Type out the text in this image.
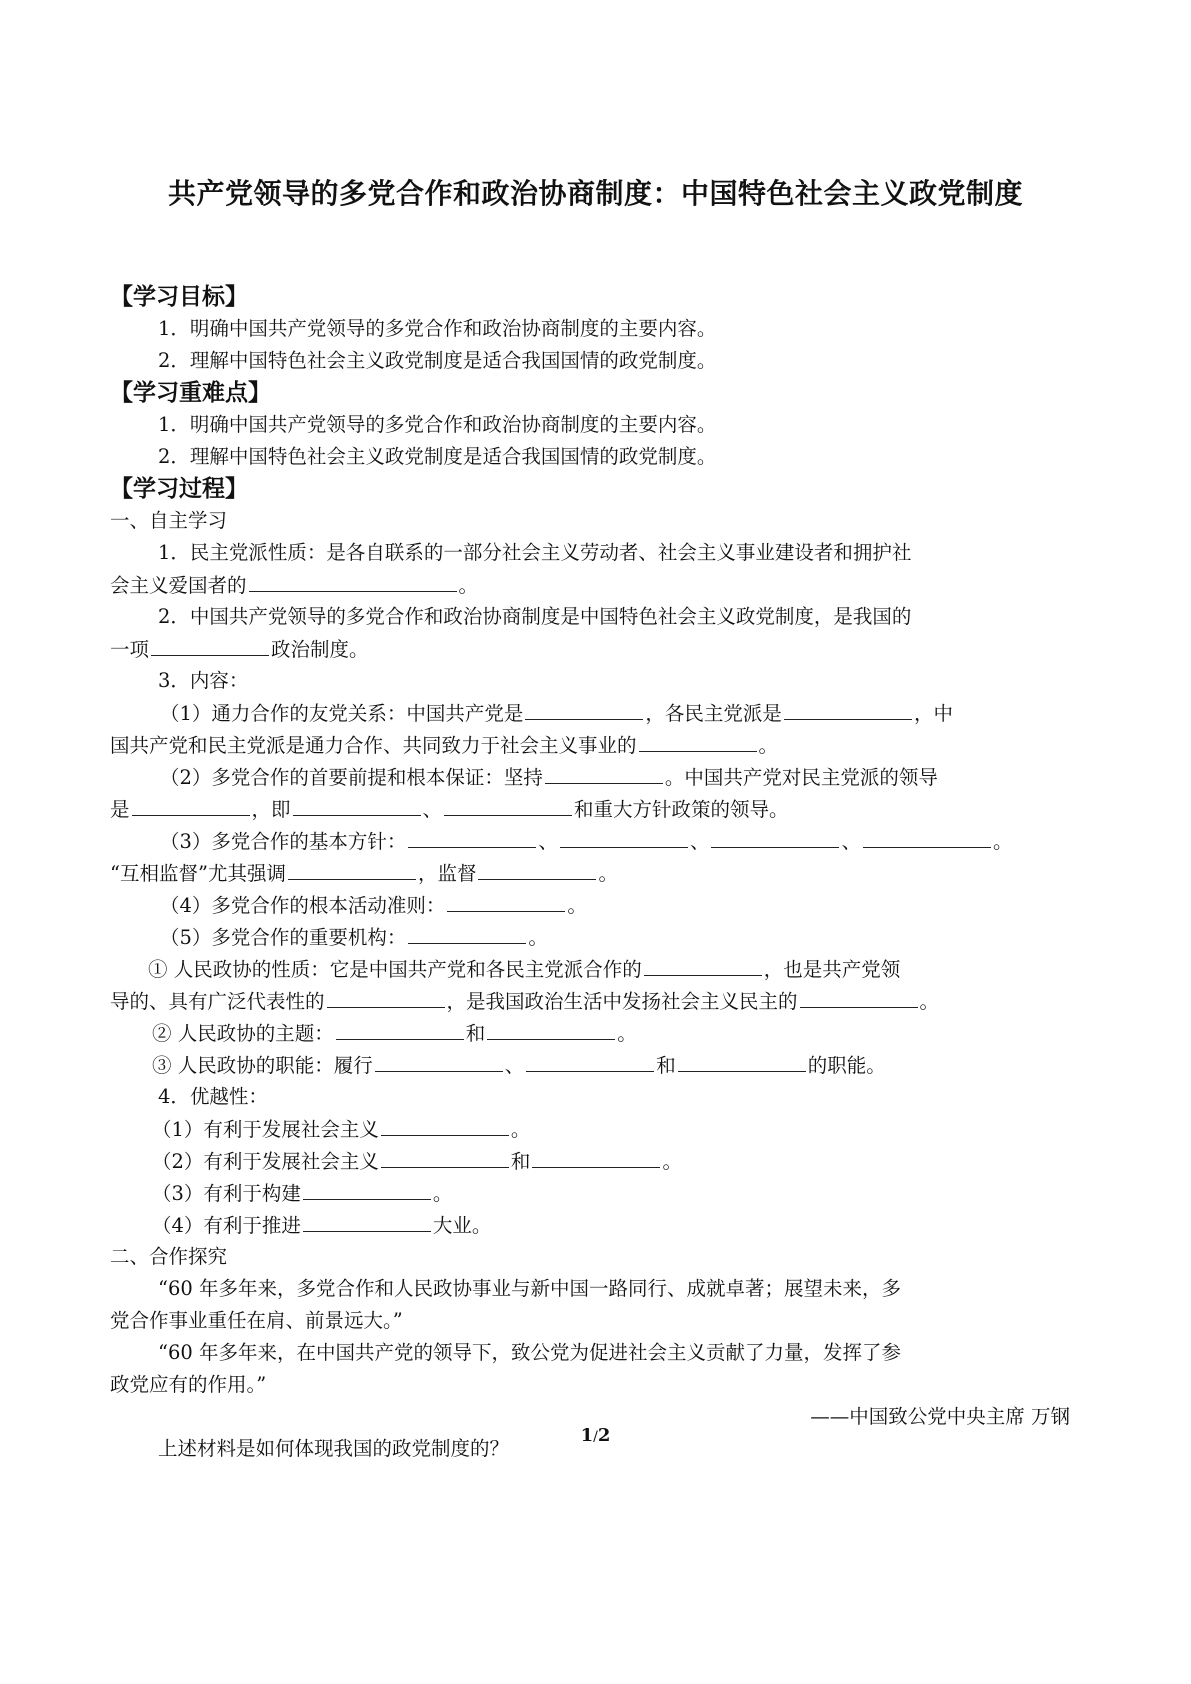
共产党领导的多党合作和政治协商制度：中国特色社会主义政党制度
【学习目标】
1．明确中国共产党领导的多党合作和政治协商制度的主要内容。
2．理解中国特色社会主义政党制度是适合我国国情的政党制度。
【学习重难点】
1．明确中国共产党领导的多党合作和政治协商制度的主要内容。
2．理解中国特色社会主义政党制度是适合我国国情的政党制度。
【学习过程】
一、自主学习
1．民主党派性质：是各自联系的一部分社会主义劳动者、社会主义事业建设者和拥护社
会主义爱国者的	。
2．中国共产党领导的多党合作和政治协商制度是中国特色社会主义政党制度，是我国的
一项	政治制度。
3．内容：
（1）通力合作的友党关系：中国共产党是	，各民主党派是	，中
国共产党和民主党派是通力合作、共同致力于社会主义事业的	。
（2）多党合作的首要前提和根本保证：坚持	。中国共产党对民主党派的领导
是	，即	、	和重大方针政策的领导。
（3）多党合作的基本方针：	、	、	、	。
“互相监督”尤其强调	，监督	。
（4）多党合作的根本活动准则：	。
（5）多党合作的重要机构：	。
① 人民政协的性质：它是中国共产党和各民主党派合作的	，也是共产党领
导的、具有广泛代表性的	，是我国政治生活中发扬社会主义民主的	。
② 人民政协的主题：	和	。
③ 人民政协的职能：履行	、	和	的职能。
4．优越性：
（1）有利于发展社会主义	。
（2）有利于发展社会主义	和	。
（3）有利于构建	。
（4）有利于推进	大业。
二、合作探究
“60 年多年来，多党合作和人民政协事业与新中国一路同行、成就卓著；展望未来，多
党合作事业重任在肩、前景远大。”
“60 年多年来，在中国共产党的领导下，致公党为促进社会主义贡献了力量，发挥了参
政党应有的作用。”
——中国致公党中央主席 万钢
上述材料是如何体现我国的政党制度的？
1/2
